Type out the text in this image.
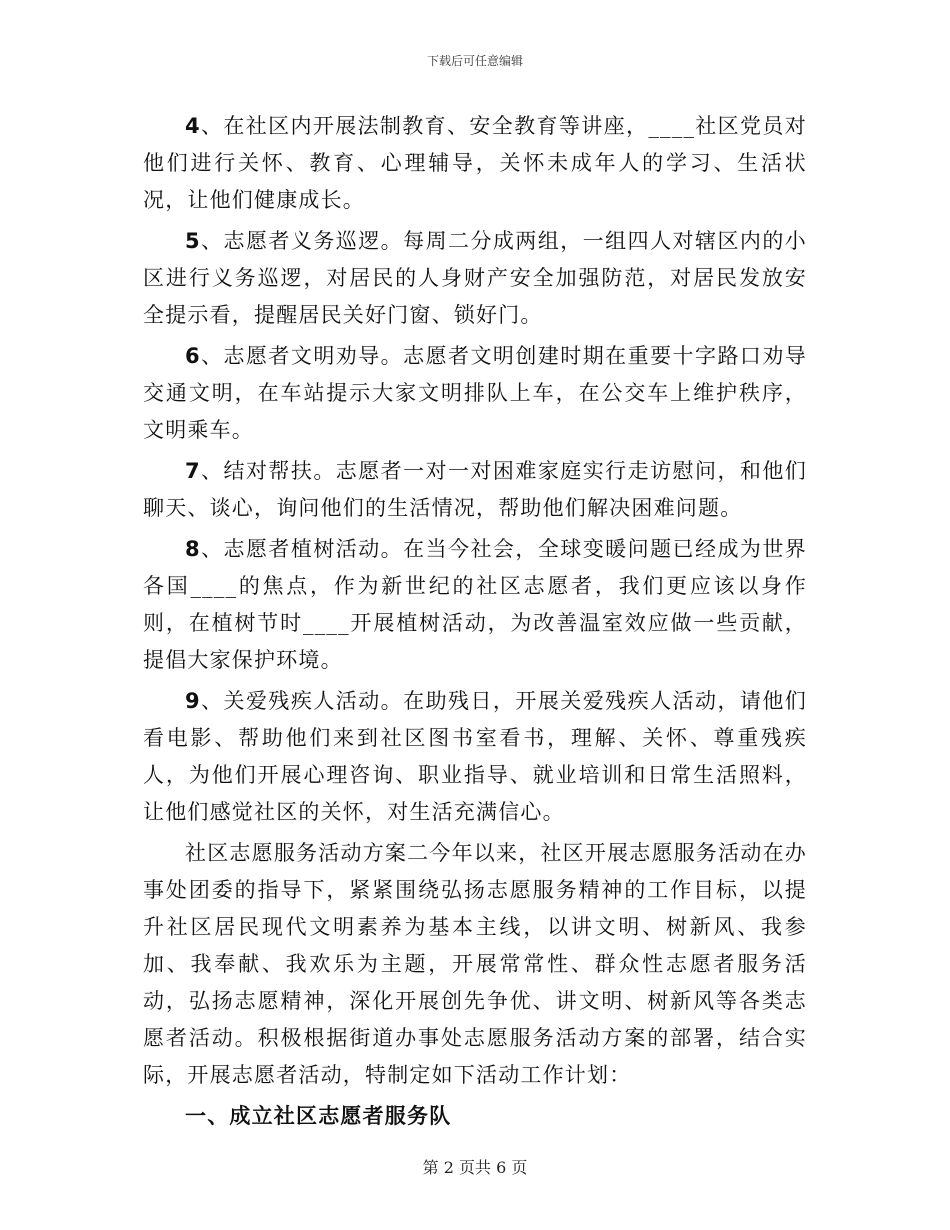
下载后可任意编辑

4、在社区内开展法制教育、安全教育等讲座，____社区党员对他们进行关怀、教育、心理辅导，关怀未成年人的学习、生活状况，让他们健康成长。

5、志愿者义务巡逻。每周二分成两组，一组四人对辖区内的小区进行义务巡逻，对居民的人身财产安全加强防范，对居民发放安全提示看，提醒居民关好门窗、锁好门。

6、志愿者文明劝导。志愿者文明创建时期在重要十字路口劝导交通文明，在车站提示大家文明排队上车，在公交车上维护秩序，文明乘车。

7、结对帮扶。志愿者一对一对困难家庭实行走访慰问，和他们聊天、谈心，询问他们的生活情况，帮助他们解决困难问题。

8、志愿者植树活动。在当今社会，全球变暖问题已经成为世界各国____的焦点，作为新世纪的社区志愿者，我们更应该以身作则，在植树节时____开展植树活动，为改善温室效应做一些贡献，提倡大家保护环境。

9、关爱残疾人活动。在助残日，开展关爱残疾人活动，请他们看电影、帮助他们来到社区图书室看书，理解、关怀、尊重残疾人，为他们开展心理咨询、职业指导、就业培训和日常生活照料，让他们感觉社区的关怀，对生活充满信心。

社区志愿服务活动方案二今年以来，社区开展志愿服务活动在办事处团委的指导下，紧紧围绕弘扬志愿服务精神的工作目标，以提升社区居民现代文明素养为基本主线，以讲文明、树新风、我参加、我奉献、我欢乐为主题，开展常常性、群众性志愿者服务活动，弘扬志愿精神，深化开展创先争优、讲文明、树新风等各类志愿者活动。积极根据街道办事处志愿服务活动方案的部署，结合实际，开展志愿者活动，特制定如下活动工作计划：

一、成立社区志愿者服务队

第 2 页共 6 页
